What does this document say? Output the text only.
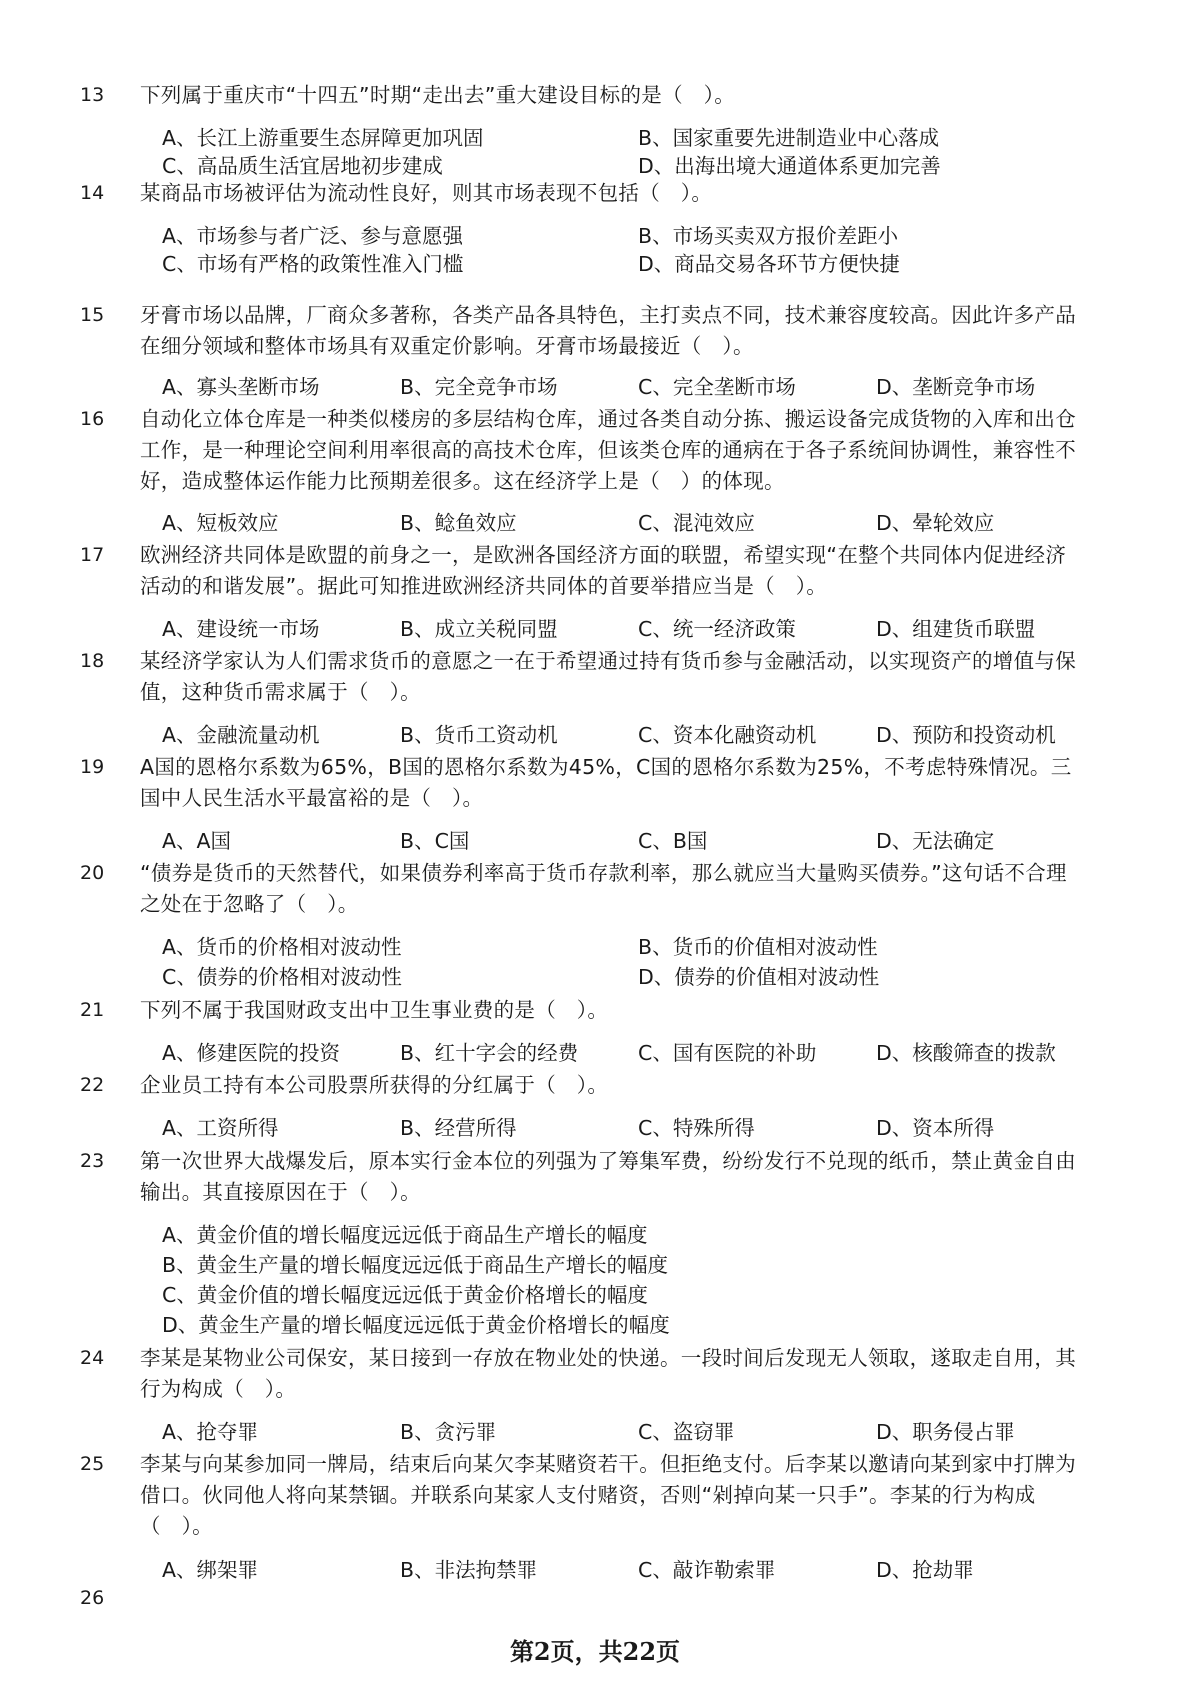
13	下列属于重庆市“十四五”时期“走出去”重大建设目标的是（　）。
A、长江上游重要生态屏障更加巩固	B、国家重要先进制造业中心落成
C、高品质生活宜居地初步建成	D、出海出境大通道体系更加完善
14	某商品市场被评估为流动性良好，则其市场表现不包括（　）。
A、市场参与者广泛、参与意愿强	B、市场买卖双方报价差距小
C、市场有严格的政策性准入门槛	D、商品交易各环节方便快捷
15	牙膏市场以品牌，厂商众多著称，各类产品各具特色，主打卖点不同，技术兼容度较高。因此许多产品在细分领域和整体市场具有双重定价影响。牙膏市场最接近（　）。
A、寡头垄断市场	B、完全竞争市场	C、完全垄断市场	D、垄断竞争市场
16	自动化立体仓库是一种类似楼房的多层结构仓库，通过各类自动分拣、搬运设备完成货物的入库和出仓工作，是一种理论空间利用率很高的高技术仓库，但该类仓库的通病在于各子系统间协调性，兼容性不好，造成整体运作能力比预期差很多。这在经济学上是（　）的体现。
A、短板效应	B、鲶鱼效应	C、混沌效应	D、晕轮效应
17	欧洲经济共同体是欧盟的前身之一，是欧洲各国经济方面的联盟，希望实现“在整个共同体内促进经济活动的和谐发展”。据此可知推进欧洲经济共同体的首要举措应当是（　）。
A、建设统一市场	B、成立关税同盟	C、统一经济政策	D、组建货币联盟
18	某经济学家认为人们需求货币的意愿之一在于希望通过持有货币参与金融活动，以实现资产的增值与保值，这种货币需求属于（　）。
A、金融流量动机	B、货币工资动机	C、资本化融资动机	D、预防和投资动机
19	A国的恩格尔系数为65%，B国的恩格尔系数为45%，C国的恩格尔系数为25%，不考虑特殊情况。三国中人民生活水平最富裕的是（　）。
A、A国	B、C国	C、B国	D、无法确定
20	“债券是货币的天然替代，如果债券利率高于货币存款利率，那么就应当大量购买债券。”这句话不合理之处在于忽略了（　）。
A、货币的价格相对波动性	B、货币的价值相对波动性
C、债券的价格相对波动性	D、债券的价值相对波动性
21	下列不属于我国财政支出中卫生事业费的是（　）。
A、修建医院的投资	B、红十字会的经费	C、国有医院的补助	D、核酸筛查的拨款
22	企业员工持有本公司股票所获得的分红属于（　）。
A、工资所得	B、经营所得	C、特殊所得	D、资本所得
23	第一次世界大战爆发后，原本实行金本位的列强为了筹集军费，纷纷发行不兑现的纸币，禁止黄金自由输出。其直接原因在于（　）。
A、黄金价值的增长幅度远远低于商品生产增长的幅度
B、黄金生产量的增长幅度远远低于商品生产增长的幅度
C、黄金价值的增长幅度远远低于黄金价格增长的幅度
D、黄金生产量的增长幅度远远低于黄金价格增长的幅度
24	李某是某物业公司保安，某日接到一存放在物业处的快递。一段时间后发现无人领取，遂取走自用，其行为构成（　）。
A、抢夺罪	B、贪污罪	C、盗窃罪	D、职务侵占罪
25	李某与向某参加同一牌局，结束后向某欠李某赌资若干。但拒绝支付。后李某以邀请向某到家中打牌为借口。伙同他人将向某禁锢。并联系向某家人支付赌资，否则“剁掉向某一只手”。李某的行为构成（　）。
A、绑架罪	B、非法拘禁罪	C、敲诈勒索罪	D、抢劫罪
26
第2页，共22页
